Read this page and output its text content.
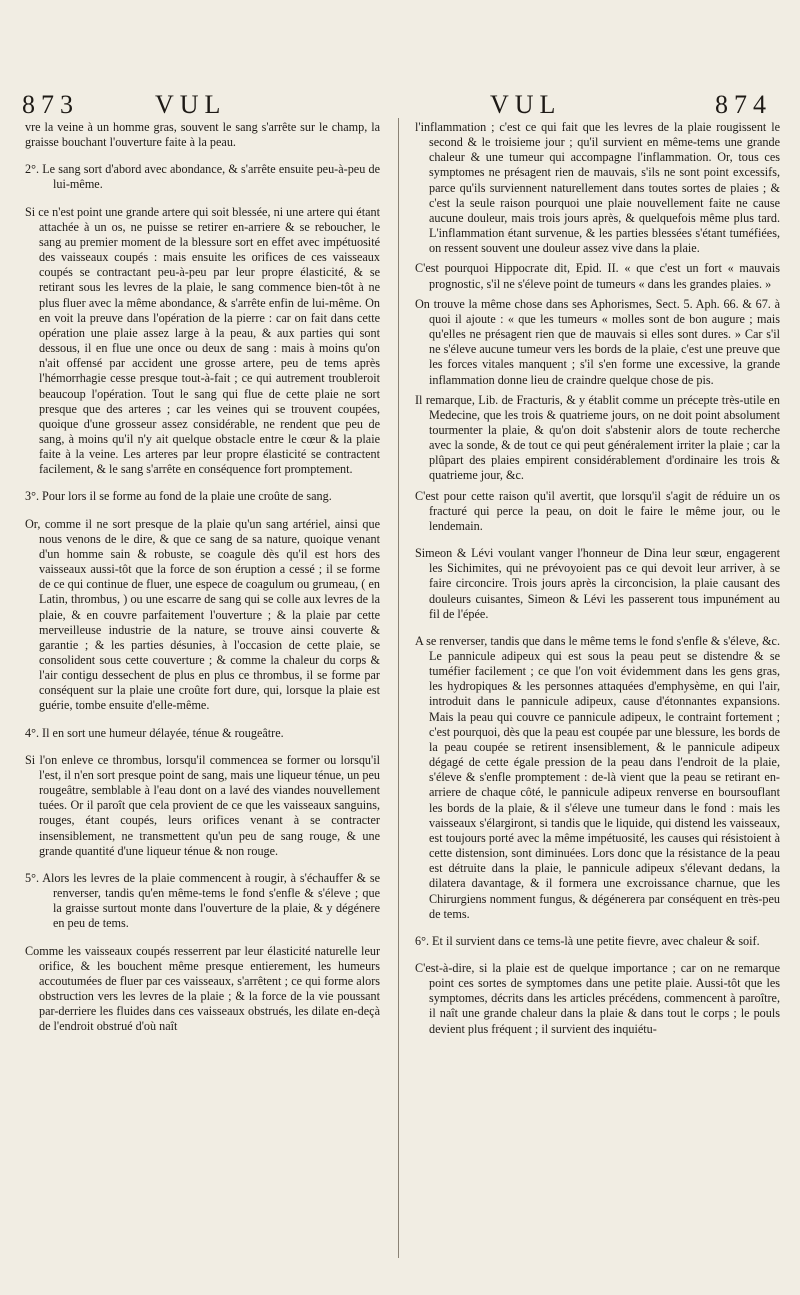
873	VUL	VUL	874

vre la veine à un homme gras, souvent le sang s'arrête sur le champ, la graisse bouchant l'ouverture faite à la peau.

2°. Le sang sort d'abord avec abondance, & s'arrête ensuite peu-à-peu de lui-même.

Si ce n'est point une grande artere qui soit blessée, ni une artere qui étant attachée à un os, ne puisse se retirer en-arriere & se reboucher, le sang au premier moment de la blessure sort en effet avec impétuosité des vaisseaux coupés : mais ensuite les orifices de ces vaisseaux coupés se contractant peu-à-peu par leur propre élasticité, & se retirant sous les levres de la plaie, le sang commence bien-tôt à ne plus fluer avec la même abondance, & s'arrête enfin de lui-même. On en voit la preuve dans l'opération de la pierre : car on fait dans cette opération une plaie assez large à la peau, & aux parties qui sont dessous, il en flue une once ou deux de sang : mais à moins qu'on n'ait offensé par accident une grosse artere, peu de tems après l'hémorrhagie cesse presque tout-à-fait ; ce qui autrement troubleroit beaucoup l'opération. Tout le sang qui flue de cette plaie ne sort presque que des arteres ; car les veines qui se trouvent coupées, quoique d'une grosseur assez considérable, ne rendent que peu de sang, à moins qu'il n'y ait quelque obstacle entre le cœur & la plaie faite à la veine. Les arteres par leur propre élasticité se contractent facilement, & le sang s'arrête en conséquence fort promptement.

3°. Pour lors il se forme au fond de la plaie une croûte de sang.

Or, comme il ne sort presque de la plaie qu'un sang artériel, ainsi que nous venons de le dire, & que ce sang de sa nature, quoique venant d'un homme sain & robuste, se coagule dès qu'il est hors des vaisseaux aussi-tôt que la force de son éruption a cessé ; il se forme de ce qui continue de fluer, une espece de coagulum ou grumeau, ( en Latin, thrombus, ) ou une escarre de sang qui se colle aux levres de la plaie, & en couvre parfaitement l'ouverture ; & la plaie par cette merveilleuse industrie de la nature, se trouve ainsi couverte & garantie ; & les parties désunies, à l'occasion de cette plaie, se consolident sous cette couverture ; & comme la chaleur du corps & l'air contigu dessechent de plus en plus ce thrombus, il se forme par conséquent sur la plaie une croûte fort dure, qui, lorsque la plaie est guérie, tombe ensuite d'elle-même.

4°. Il en sort une humeur délayée, ténue & rougeâtre.

Si l'on enleve ce thrombus, lorsqu'il commencea se former ou lorsqu'il l'est, il n'en sort presque point de sang, mais une liqueur ténue, un peu rougeâtre, semblable à l'eau dont on a lavé des viandes nouvellement tuées. Or il paroît que cela provient de ce que les vaisseaux sanguins, rouges, étant coupés, leurs orifices venant à se contracter insensiblement, ne transmettent qu'un peu de sang rouge, & une grande quantité d'une liqueur ténue & non rouge.

5°. Alors les levres de la plaie commencent à rougir, à s'échauffer & se renverser, tandis qu'en même-tems le fond s'enfle & s'éleve ; que la graisse surtout monte dans l'ouverture de la plaie, & y dégénere en peu de tems.

Comme les vaisseaux coupés resserrent par leur élasticité naturelle leur orifice, & les bouchent même presque entierement, les humeurs accoutumées de fluer par ces vaisseaux, s'arrêtent ; ce qui forme alors obstruction vers les levres de la plaie ; & la force de la vie poussant par-derriere les fluides dans ces vaisseaux obstrués, les dilate en-deçà de l'endroit obstrué d'où naît

l'inflammation ; c'est ce qui fait que les levres de la plaie rougissent le second & le troisieme jour ; qu'il survient en même-tems une grande chaleur & une tumeur qui accompagne l'inflammation. Or, tous ces symptomes ne présagent rien de mauvais, s'ils ne sont point excessifs, parce qu'ils surviennent naturellement dans toutes sortes de plaies ; & c'est la seule raison pourquoi une plaie nouvellement faite ne cause aucune douleur, mais trois jours après, & quelquefois même plus tard. L'inflammation étant survenue, & les parties blessées s'étant tuméfiées, on ressent souvent une douleur assez vive dans la plaie.

C'est pourquoi Hippocrate dit, Epid. II. « que c'est un fort « mauvais prognostic, s'il ne s'éleve point de tumeurs « dans les grandes plaies. »

On trouve la même chose dans ses Aphorismes, Sect. 5. Aph. 66. & 67. à quoi il ajoute : « que les tumeurs « molles sont de bon augure ; mais qu'elles ne présagent rien que de mauvais si elles sont dures. » Car s'il ne s'éleve aucune tumeur vers les bords de la plaie, c'est une preuve que les forces vitales manquent ; s'il s'en forme une excessive, la grande inflammation donne lieu de craindre quelque chose de pis.

Il remarque, Lib. de Fracturis, & y établit comme un précepte très-utile en Medecine, que les trois & quatrieme jours, on ne doit point absolument tourmenter la plaie, & qu'on doit s'abstenir alors de toute recherche avec la sonde, & de tout ce qui peut généralement irriter la plaie ; car la plûpart des plaies empirent considérablement d'ordinaire les trois & quatrieme jour, &c.

C'est pour cette raison qu'il avertit, que lorsqu'il s'agit de réduire un os fracturé qui perce la peau, on doit le faire le même jour, ou le lendemain.

Simeon & Lévi voulant vanger l'honneur de Dina leur sœur, engagerent les Sichimites, qui ne prévoyoient pas ce qui devoit leur arriver, à se faire circoncire. Trois jours après la circoncision, la plaie causant des douleurs cuisantes, Simeon & Lévi les passerent tous impunément au fil de l'épée.

A se renverser, tandis que dans le même tems le fond s'enfle & s'éleve, &c. Le pannicule adipeux qui est sous la peau peut se distendre & se tuméfier facilement ; ce que l'on voit évidemment dans les gens gras, les hydropiques & les personnes attaquées d'emphysème, en qui l'air, introduit dans le pannicule adipeux, cause d'étonnantes expansions. Mais la peau qui couvre ce pannicule adipeux, le contraint fortement ; c'est pourquoi, dès que la peau est coupée par une blessure, les bords de la peau coupée se retirent insensiblement, & le pannicule adipeux dégagé de cette égale pression de la peau dans l'endroit de la plaie, s'éleve & s'enfle promptement : de-là vient que la peau se retirant en-arriere de chaque côté, le pannicule adipeux renverse en boursouflant les bords de la plaie, & il s'éleve une tumeur dans le fond : mais les vaisseaux s'élargiront, si tandis que le liquide, qui distend les vaisseaux, est toujours porté avec la même impétuosité, les causes qui résistoient à cette distension, sont diminuées. Lors donc que la résistance de la peau est détruite dans la plaie, le pannicule adipeux s'élevant dedans, la dilatera davantage, & il formera une excroissance charnue, que les Chirurgiens nomment fungus, & dégénerera par conséquent en très-peu de tems.

6°. Et il survient dans ce tems-là une petite fievre, avec chaleur & soif.

C'est-à-dire, si la plaie est de quelque importance ; car on ne remarque point ces sortes de symptomes dans une petite plaie. Aussi-tôt que les symptomes, décrits dans les articles précédens, commencent à paroître, il naît une grande chaleur dans la plaie & dans tout le corps ; le pouls devient plus fréquent ; il survient des inquiétu-
